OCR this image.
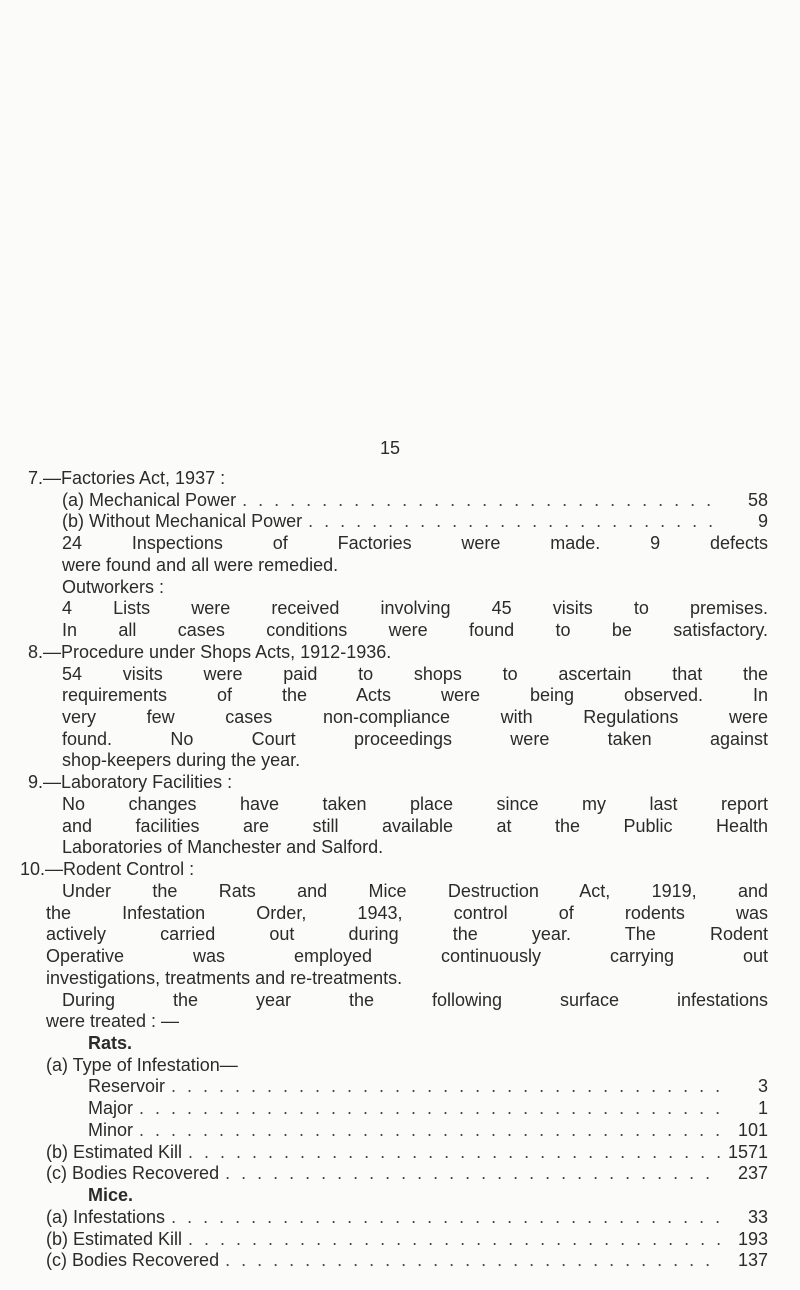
15
7.—Factories Act, 1937 :
(a) Mechanical Power . . .	58
(b) Without Mechanical Power . . .	9
24 Inspections of Factories were made. 9 defects
were found and all were remedied.
Outworkers :
4 Lists were received involving 45 visits to premises.
In all cases conditions were found to be satisfactory.
8.—Procedure under Shops Acts, 1912-1936.
54 visits were paid to shops to ascertain that the
requirements of the Acts were being observed. In
very few cases non-compliance with Regulations were
found. No Court proceedings were taken against
shop-keepers during the year.
9.—Laboratory Facilities :
No changes have taken place since my last report
and facilities are still available at the Public Health
Laboratories of Manchester and Salford.
10.—Rodent Control :
Under the Rats and Mice Destruction Act, 1919, and
the Infestation Order, 1943, control of rodents was
actively carried out during the year. The Rodent
Operative was employed continuously carrying out
investigations, treatments and re-treatments.
During the year the following surface infestations
were treated : —
Rats.
(a) Type of Infestation—
Reservoir . . .	3
Major . . .	1
Minor . . .	101
(b) Estimated Kill . . .	1571
(c) Bodies Recovered . . .	237
Mice.
(a) Infestations . . .	33
(b) Estimated Kill . . .	193
(c) Bodies Recovered . . .	137
